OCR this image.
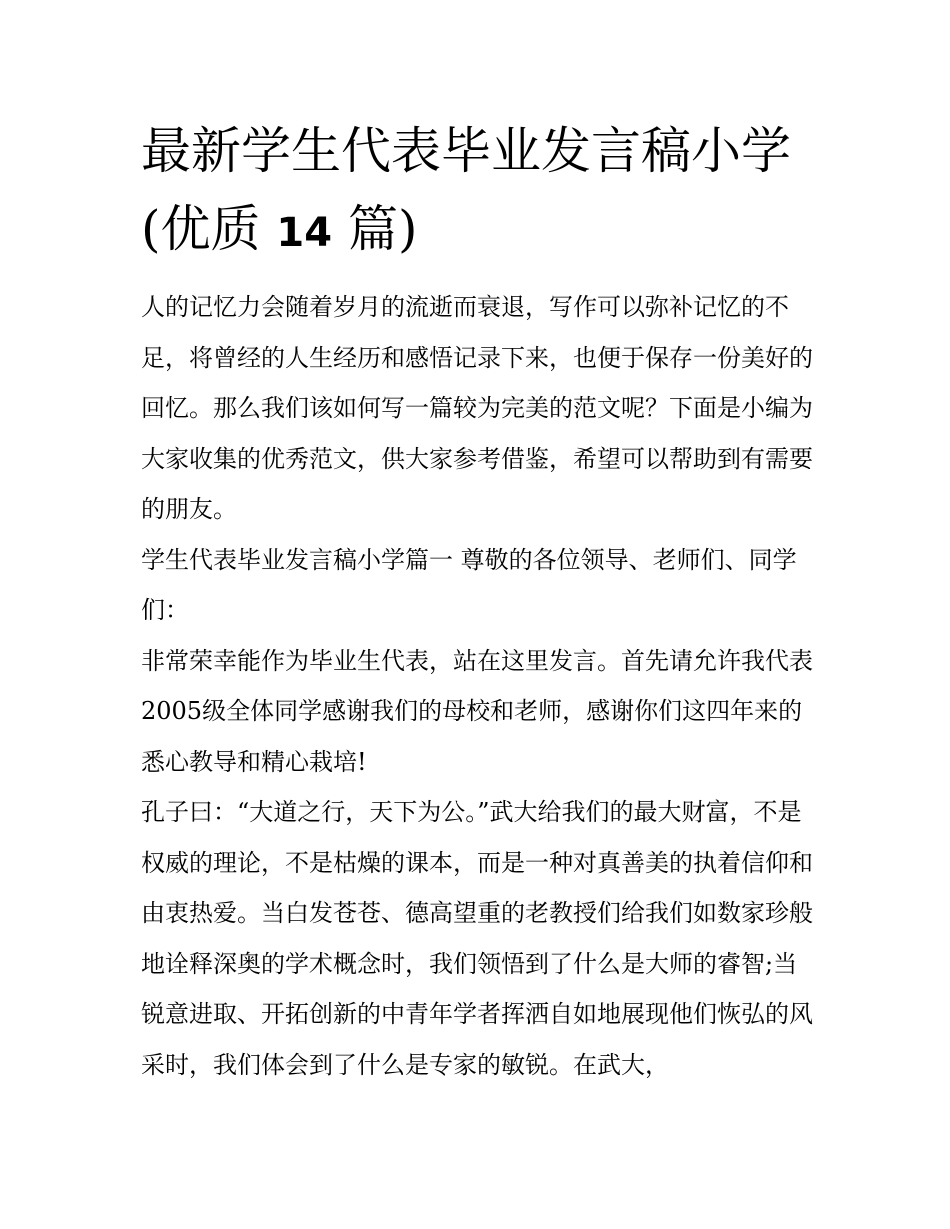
最新学生代表毕业发言稿小学
(优质 14 篇)

人的记忆力会随着岁月的流逝而衰退，写作可以弥补记忆的不足，将曾经的人生经历和感悟记录下来，也便于保存一份美好的回忆。那么我们该如何写一篇较为完美的范文呢？下面是小编为大家收集的优秀范文，供大家参考借鉴，希望可以帮助到有需要的朋友。

学生代表毕业发言稿小学篇一 尊敬的各位领导、老师们、同学们：

非常荣幸能作为毕业生代表，站在这里发言。首先请允许我代表2005级全体同学感谢我们的母校和老师，感谢你们这四年来的悉心教导和精心栽培!

孔子曰：“大道之行，天下为公。”武大给我们的最大财富，不是权威的理论，不是枯燥的课本，而是一种对真善美的执着信仰和由衷热爱。当白发苍苍、德高望重的老教授们给我们如数家珍般地诠释深奥的学术概念时，我们领悟到了什么是大师的睿智;当锐意进取、开拓创新的中青年学者挥洒自如地展现他们恢弘的风采时，我们体会到了什么是专家的敏锐。在武大，
